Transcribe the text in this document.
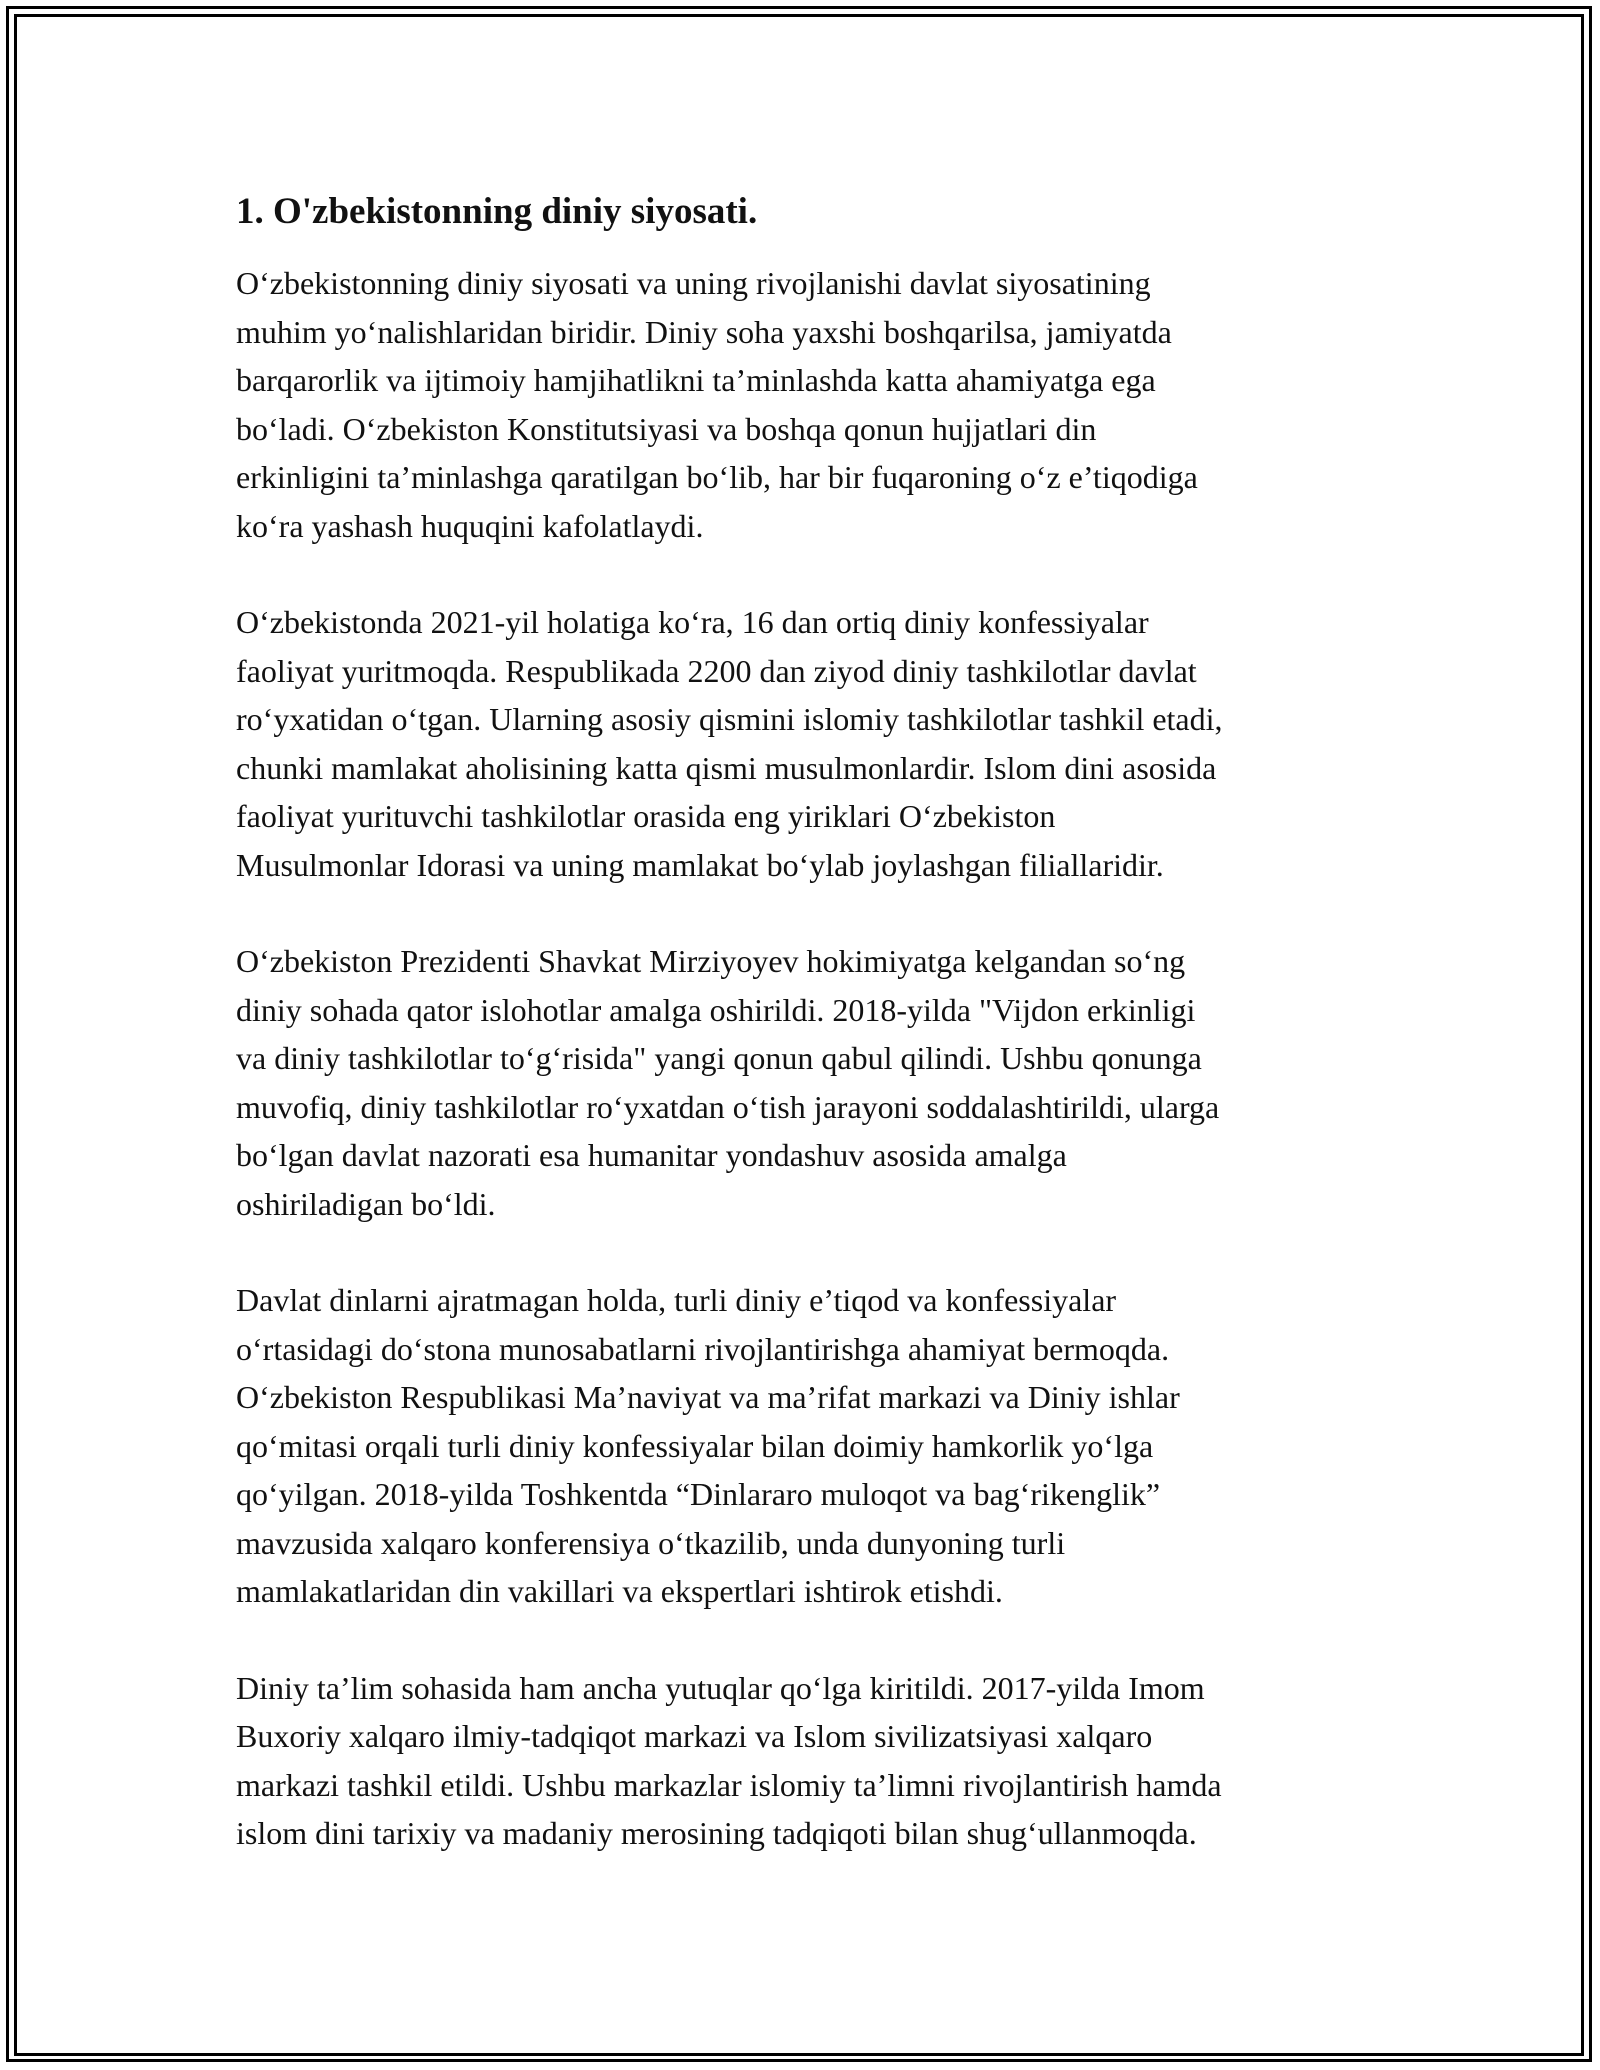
1. O'zbekistonning diniy siyosati.

O‘zbekistonning diniy siyosati va uning rivojlanishi davlat siyosatining
muhim yo‘nalishlaridan biridir. Diniy soha yaxshi boshqarilsa, jamiyatda
barqarorlik va ijtimoiy hamjihatlikni ta’minlashda katta ahamiyatga ega
bo‘ladi. O‘zbekiston Konstitutsiyasi va boshqa qonun hujjatlari din
erkinligini ta’minlashga qaratilgan bo‘lib, har bir fuqaroning o‘z e’tiqodiga
ko‘ra yashash huquqini kafolatlaydi.

O‘zbekistonda 2021-yil holatiga ko‘ra, 16 dan ortiq diniy konfessiyalar
faoliyat yuritmoqda. Respublikada 2200 dan ziyod diniy tashkilotlar davlat
ro‘yxatidan o‘tgan. Ularning asosiy qismini islomiy tashkilotlar tashkil etadi,
chunki mamlakat aholisining katta qismi musulmonlardir. Islom dini asosida
faoliyat yurituvchi tashkilotlar orasida eng yiriklari O‘zbekiston
Musulmonlar Idorasi va uning mamlakat bo‘ylab joylashgan filiallaridir.

O‘zbekiston Prezidenti Shavkat Mirziyoyev hokimiyatga kelgandan so‘ng
diniy sohada qator islohotlar amalga oshirildi. 2018-yilda "Vijdon erkinligi
va diniy tashkilotlar to‘g‘risida" yangi qonun qabul qilindi. Ushbu qonunga
muvofiq, diniy tashkilotlar ro‘yxatdan o‘tish jarayoni soddalashtirildi, ularga
bo‘lgan davlat nazorati esa humanitar yondashuv asosida amalga
oshiriladigan bo‘ldi.

Davlat dinlarni ajratmagan holda, turli diniy e’tiqod va konfessiyalar
o‘rtasidagi do‘stona munosabatlarni rivojlantirishga ahamiyat bermoqda.
O‘zbekiston Respublikasi Ma’naviyat va ma’rifat markazi va Diniy ishlar
qo‘mitasi orqali turli diniy konfessiyalar bilan doimiy hamkorlik yo‘lga
qo‘yilgan. 2018-yilda Toshkentda “Dinlararo muloqot va bag‘rikenglik”
mavzusida xalqaro konferensiya o‘tkazilib, unda dunyoning turli
mamlakatlaridan din vakillari va ekspertlari ishtirok etishdi.

Diniy ta’lim sohasida ham ancha yutuqlar qo‘lga kiritildi. 2017-yilda Imom
Buxoriy xalqaro ilmiy-tadqiqot markazi va Islom sivilizatsiyasi xalqaro
markazi tashkil etildi. Ushbu markazlar islomiy ta’limni rivojlantirish hamda
islom dini tarixiy va madaniy merosining tadqiqoti bilan shug‘ullanmoqda.
